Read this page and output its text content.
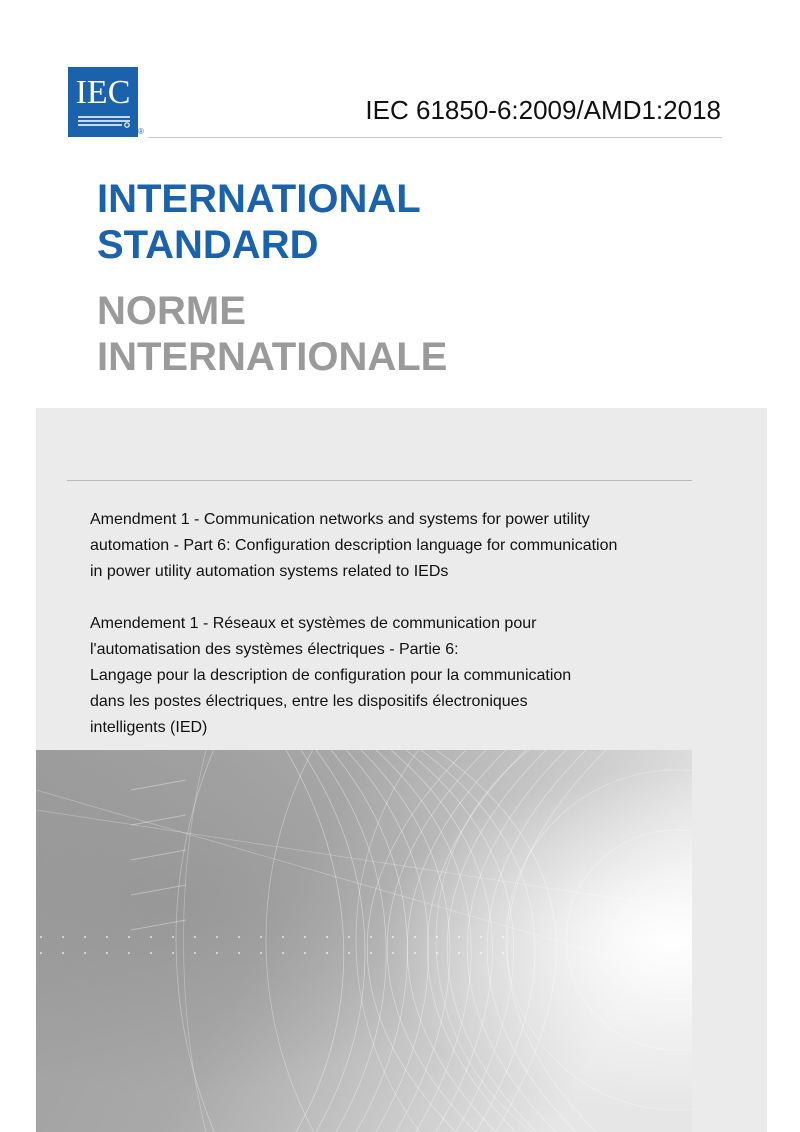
IEC
®
IEC 61850-6:2009/AMD1:2018
INTERNATIONAL
STANDARD
NORME
INTERNATIONALE
Amendment 1 - Communication networks and systems for power utility
automation - Part 6: Configuration description language for communication
in power utility automation systems related to IEDs
Amendement 1 - Réseaux et systèmes de communication pour
l'automatisation des systèmes électriques - Partie 6:
Langage pour la description de configuration pour la communication
dans les postes électriques, entre les dispositifs électroniques
intelligents (IED)
